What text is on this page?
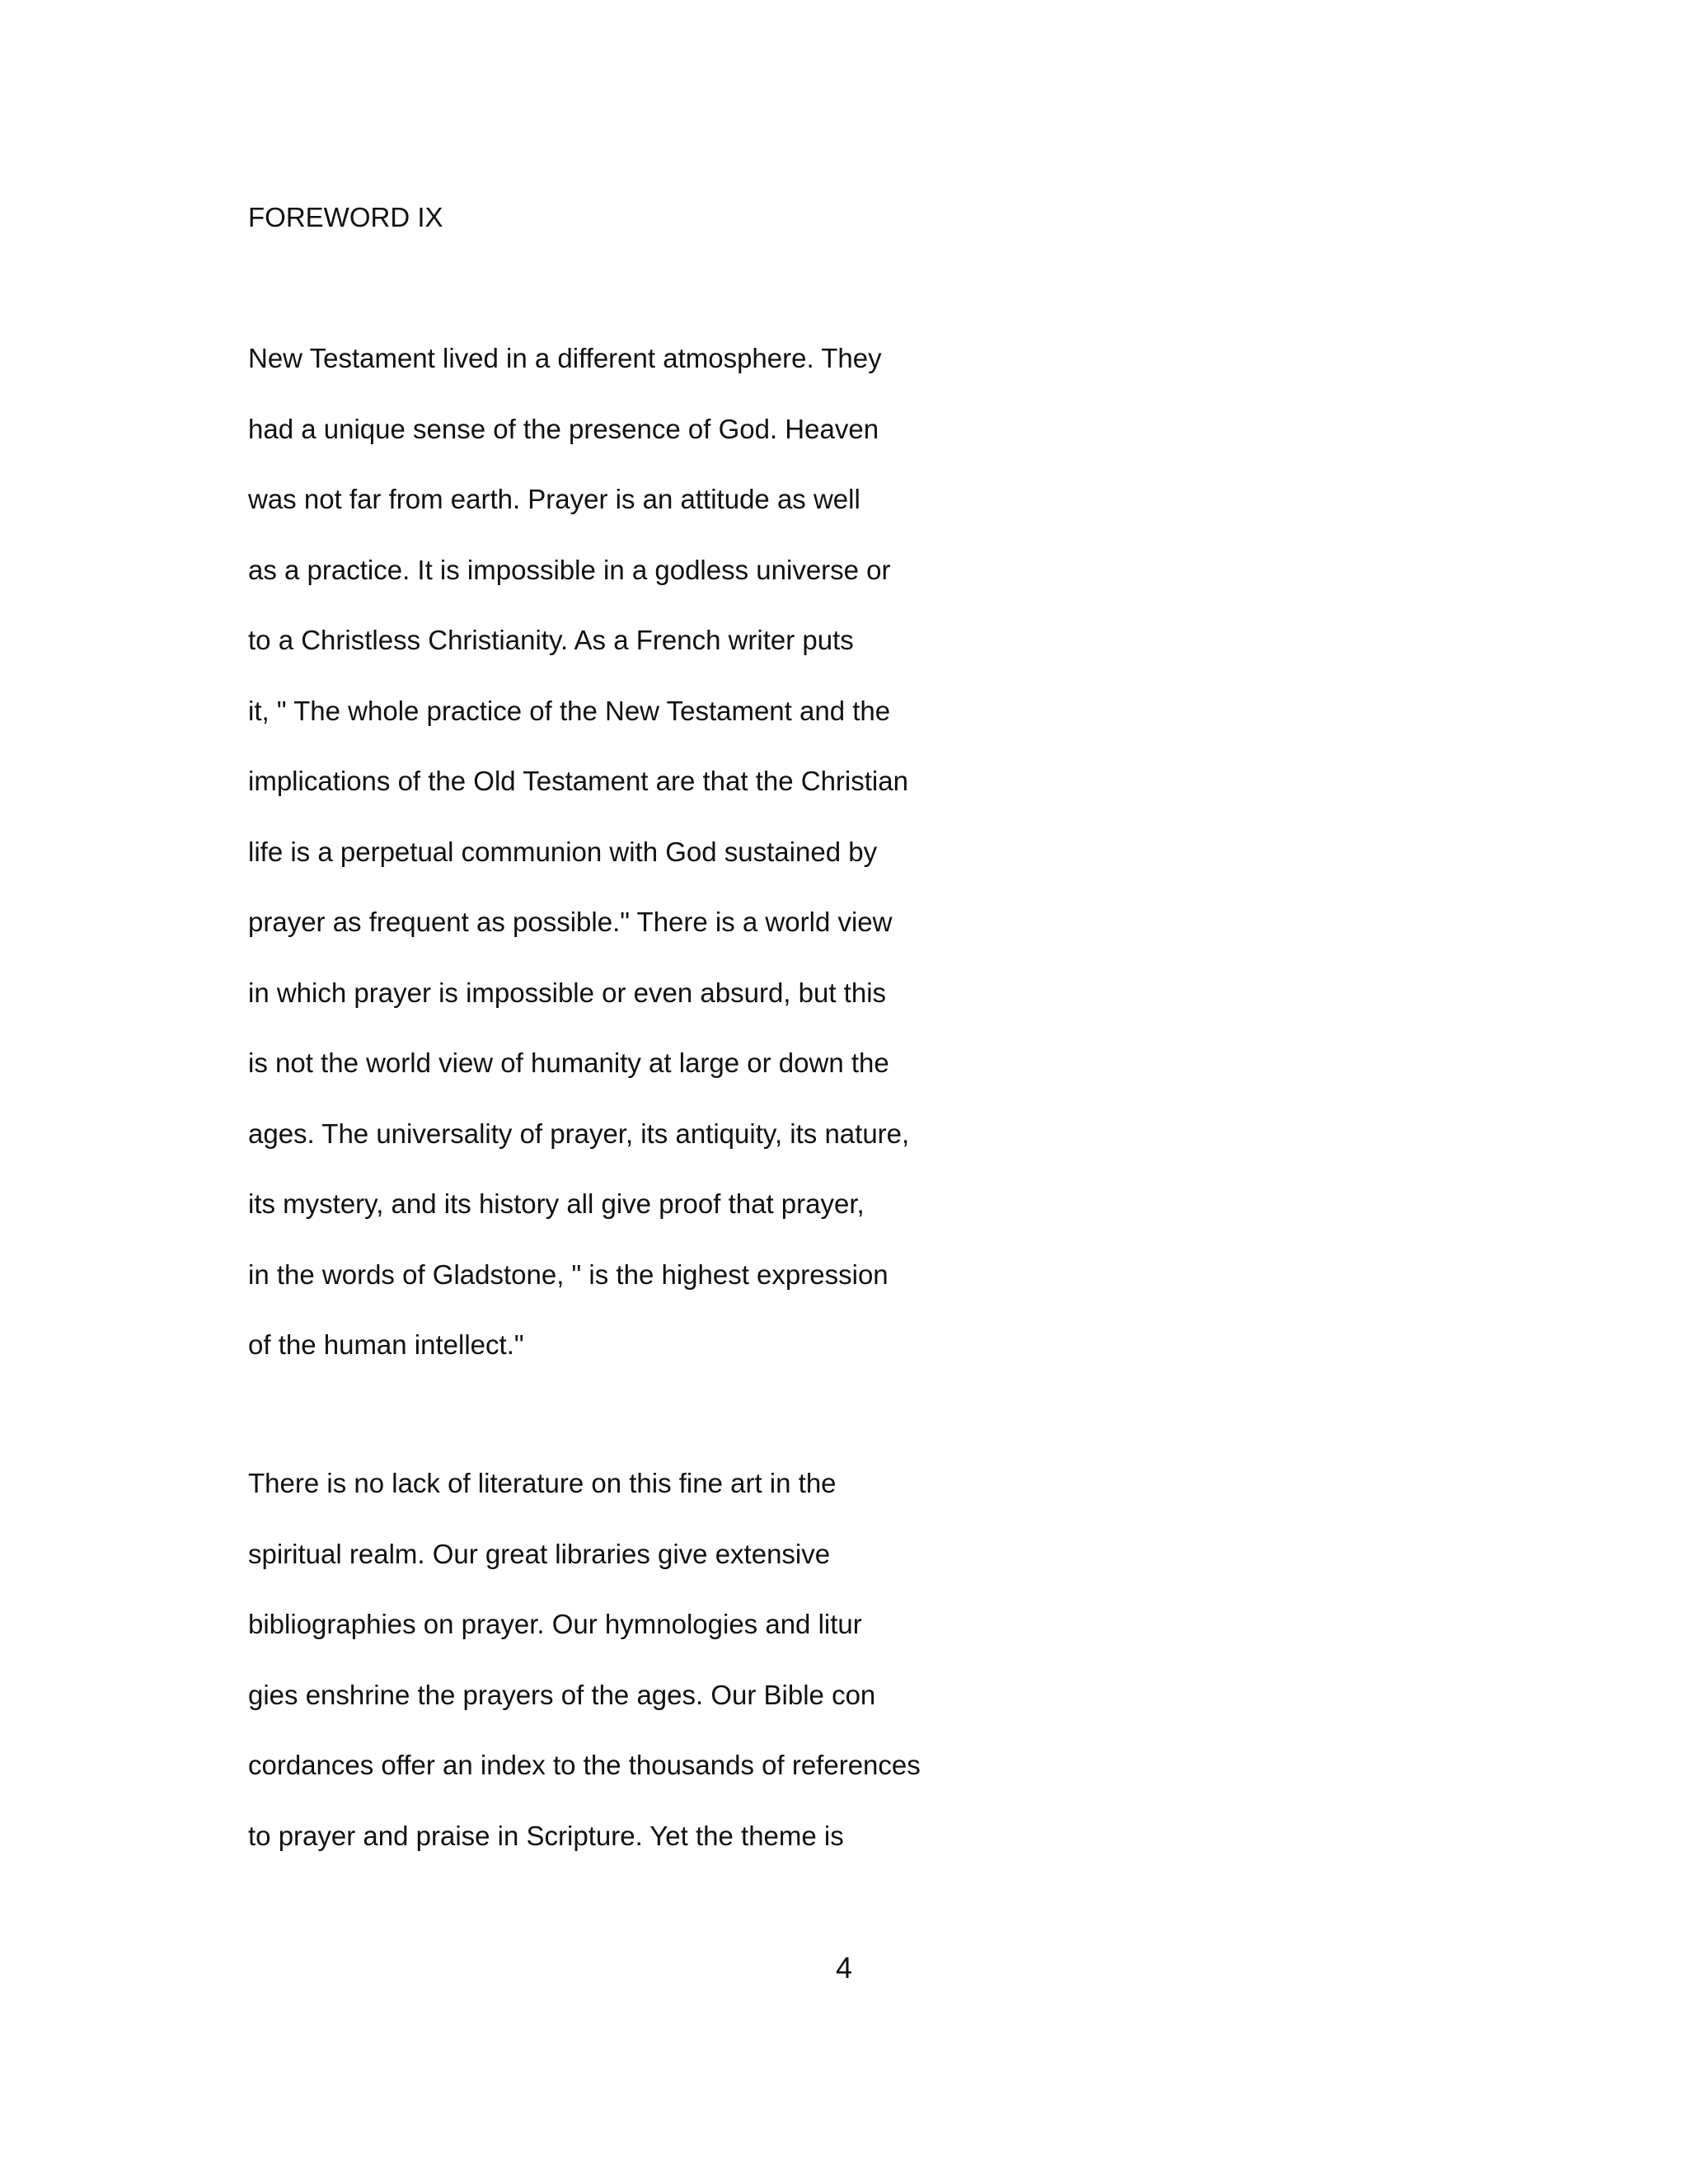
FOREWORD IX
New Testament lived in a different atmosphere. They
had a unique sense of the presence of God. Heaven
was not far from earth. Prayer is an attitude as well
as a practice. It is impossible in a godless universe or
to a Christless Christianity. As a French writer puts
it, " The whole practice of the New Testament and the
implications of the Old Testament are that the Christian
life is a perpetual communion with God sustained by
prayer as frequent as possible." There is a world view
in which prayer is impossible or even absurd, but this
is not the world view of humanity at large or down the
ages. The universality of prayer, its antiquity, its nature,
its mystery, and its history all give proof that prayer,
in the words of Gladstone, " is the highest expression
of the human intellect."
There is no lack of literature on this fine art in the
spiritual realm. Our great libraries give extensive
bibliographies on prayer. Our hymnologies and litur
gies enshrine the prayers of the ages. Our Bible con
cordances offer an index to the thousands of references
to prayer and praise in Scripture. Yet the theme is
4
